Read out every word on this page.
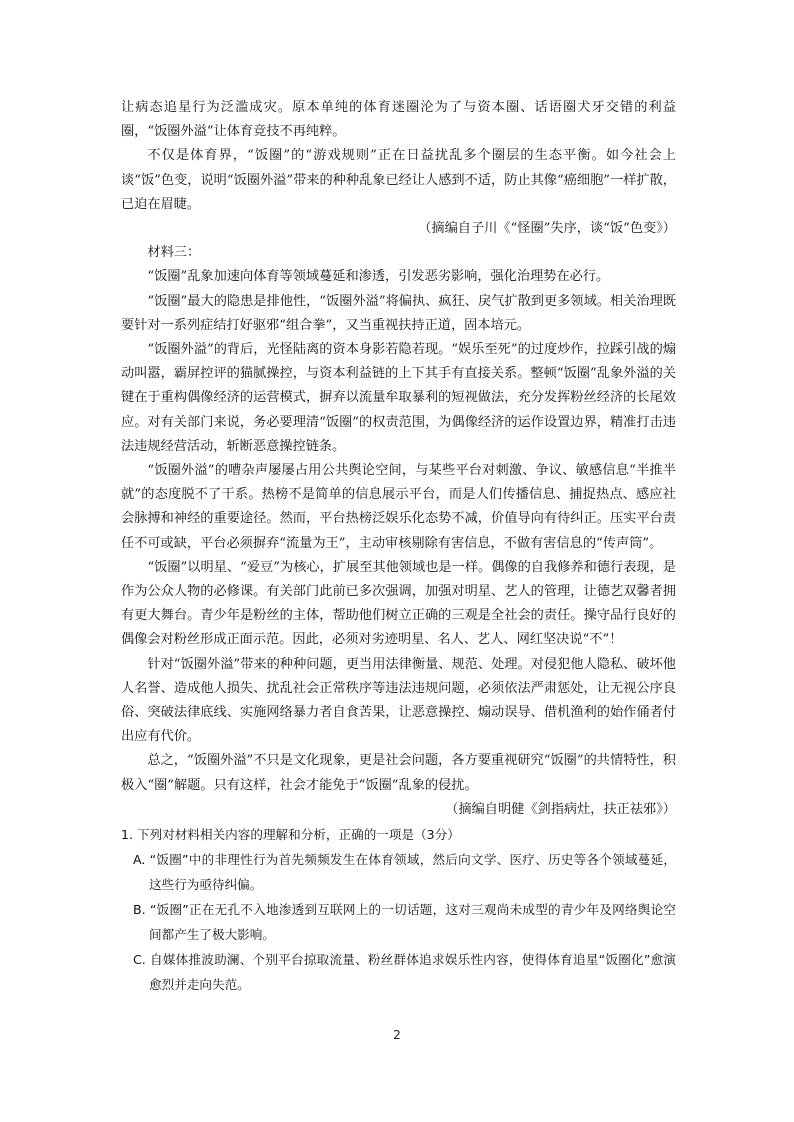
让病态追星行为泛滥成灾。原本单纯的体育迷圈沦为了与资本圈、话语圈犬牙交错的利益圈，“饭圈外溢”让体育竞技不再纯粹。

不仅是体育界，“饭圈”的“游戏规则”正在日益扰乱多个圈层的生态平衡。如今社会上谈“饭”色变，说明“饭圈外溢”带来的种种乱象已经让人感到不适，防止其像“癌细胞”一样扩散，已迫在眉睫。

（摘编自子川《“怪圈”失序，谈“饭”色变》）

材料三：

“饭圈”乱象加速向体育等领域蔓延和渗透，引发恶劣影响，强化治理势在必行。

“饭圈”最大的隐患是排他性，“饭圈外溢”将偏执、疯狂、戾气扩散到更多领域。相关治理既要针对一系列症结打好驱邪“组合拳”，又当重视扶持正道，固本培元。

“饭圈外溢”的背后，光怪陆离的资本身影若隐若现。“娱乐至死”的过度炒作，拉踩引战的煽动叫嚣，霸屏控评的猫腻操控，与资本利益链的上下其手有直接关系。整顿“饭圈”乱象外溢的关键在于重构偶像经济的运营模式，摒弃以流量牟取暴利的短视做法，充分发挥粉丝经济的长尾效应。对有关部门来说，务必要理清“饭圈”的权责范围，为偶像经济的运作设置边界，精准打击违法违规经营活动，斩断恶意操控链条。

“饭圈外溢”的嘈杂声屡屡占用公共舆论空间，与某些平台对刺激、争议、敏感信息“半推半就”的态度脱不了干系。热榜不是简单的信息展示平台，而是人们传播信息、捕捉热点、感应社会脉搏和神经的重要途径。然而，平台热榜泛娱乐化态势不减，价值导向有待纠正。压实平台责任不可或缺，平台必须摒弃“流量为王”，主动审核剔除有害信息，不做有害信息的“传声筒”。

“饭圈”以明星、“爱豆”为核心，扩展至其他领域也是一样。偶像的自我修养和德行表现，是作为公众人物的必修课。有关部门此前已多次强调，加强对明星、艺人的管理，让德艺双馨者拥有更大舞台。青少年是粉丝的主体，帮助他们树立正确的三观是全社会的责任。操守品行良好的偶像会对粉丝形成正面示范。因此，必须对劣迹明星、名人、艺人、网红坚决说“不”！

针对“饭圈外溢”带来的种种问题，更当用法律衡量、规范、处理。对侵犯他人隐私、破坏他人名誉、造成他人损失、扰乱社会正常秩序等违法违规问题，必须依法严肃惩处，让无视公序良俗、突破法律底线、实施网络暴力者自食苦果，让恶意操控、煽动误导、借机渔利的始作俑者付出应有代价。

总之，“饭圈外溢”不只是文化现象，更是社会问题，各方要重视研究“饭圈”的共情特性，积极入“圈”解题。只有这样，社会才能免于“饭圈”乱象的侵扰。

（摘编自明健《剑指病灶，扶正祛邪》）

1. 下列对材料相关内容的理解和分析，正确的一项是（3分）

A. “饭圈”中的非理性行为首先频频发生在体育领域，然后向文学、医疗、历史等各个领域蔓延，这些行为亟待纠偏。

B. “饭圈”正在无孔不入地渗透到互联网上的一切话题，这对三观尚未成型的青少年及网络舆论空间都产生了极大影响。

C. 自媒体推波助澜、个别平台掠取流量、粉丝群体追求娱乐性内容，使得体育追星“饭圈化”愈演愈烈并走向失范。

2
